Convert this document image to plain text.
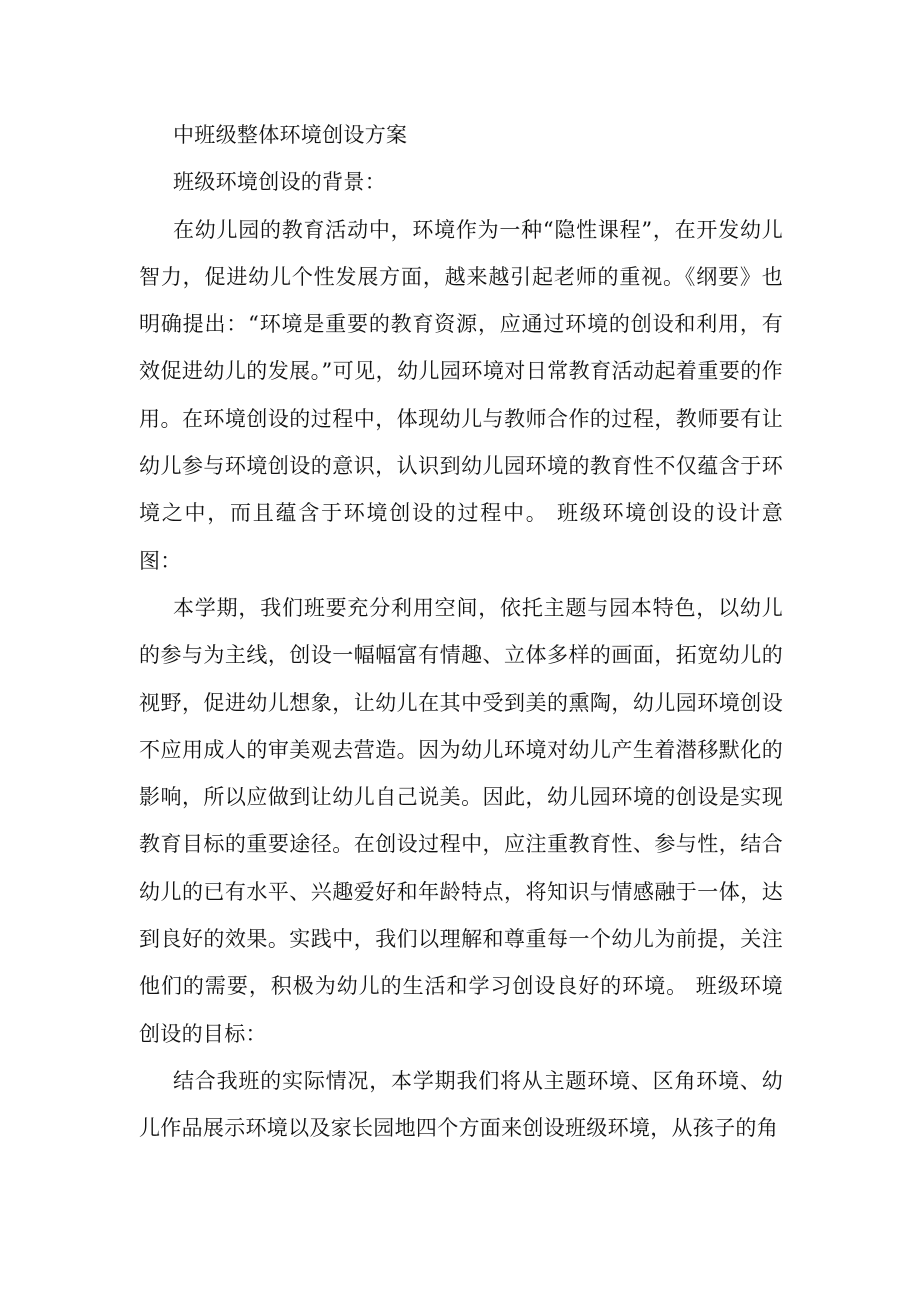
中班级整体环境创设方案

班级环境创设的背景：

在幼儿园的教育活动中，环境作为一种“隐性课程”，在开发幼儿智力，促进幼儿个性发展方面，越来越引起老师的重视。《纲要》也明确提出：“环境是重要的教育资源，应通过环境的创设和利用，有效促进幼儿的发展。”可见，幼儿园环境对日常教育活动起着重要的作用。在环境创设的过程中，体现幼儿与教师合作的过程，教师要有让幼儿参与环境创设的意识，认识到幼儿园环境的教育性不仅蕴含于环境之中，而且蕴含于环境创设的过程中。 班级环境创设的设计意图：

本学期，我们班要充分利用空间，依托主题与园本特色，以幼儿的参与为主线，创设一幅幅富有情趣、立体多样的画面，拓宽幼儿的视野，促进幼儿想象，让幼儿在其中受到美的熏陶，幼儿园环境创设不应用成人的审美观去营造。因为幼儿环境对幼儿产生着潜移默化的影响，所以应做到让幼儿自己说美。因此，幼儿园环境的创设是实现教育目标的重要途径。在创设过程中，应注重教育性、参与性，结合幼儿的已有水平、兴趣爱好和年龄特点，将知识与情感融于一体，达到良好的效果。实践中，我们以理解和尊重每一个幼儿为前提，关注他们的需要，积极为幼儿的生活和学习创设良好的环境。 班级环境创设的目标：

结合我班的实际情况，本学期我们将从主题环境、区角环境、幼儿作品展示环境以及家长园地四个方面来创设班级环境，从孩子的角
